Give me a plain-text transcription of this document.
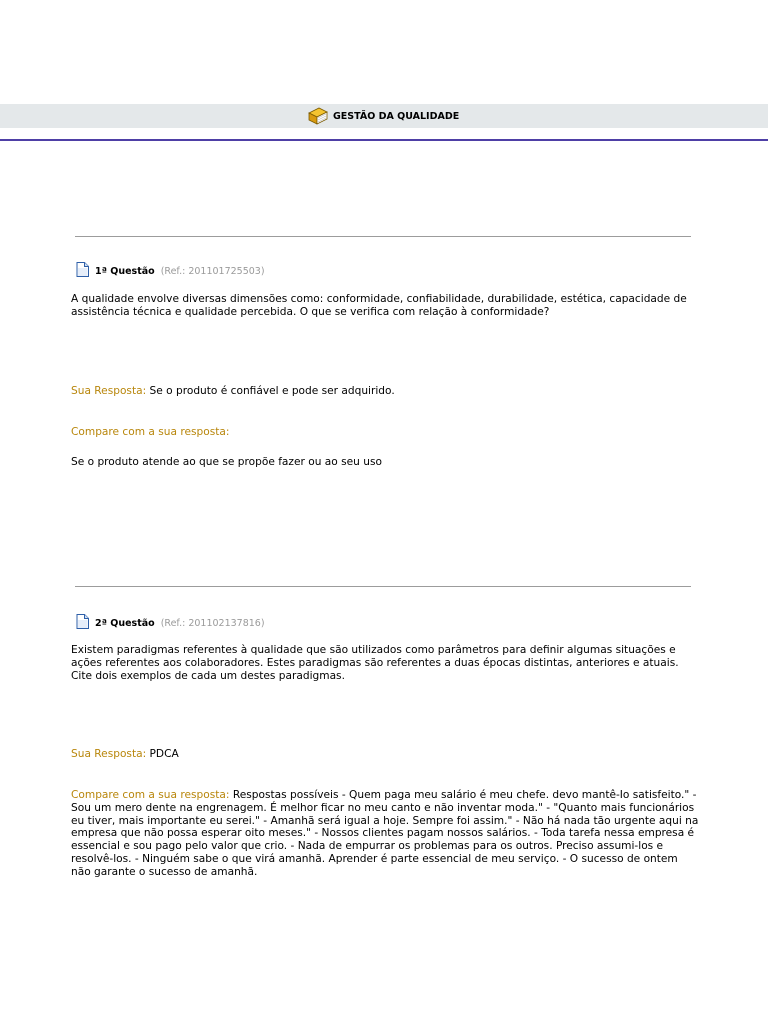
GESTÃO DA QUALIDADE
1ª Questão (Ref.: 201101725503)

A qualidade envolve diversas dimensões como: conformidade, confiabilidade, durabilidade, estética, capacidade de assistência técnica e qualidade percebida. O que se verifica com relação à conformidade?

Sua Resposta: Se o produto é confiável e pode ser adquirido.

Compare com a sua resposta:

Se o produto atende ao que se propõe fazer ou ao seu uso

2ª Questão (Ref.: 201102137816)

Existem paradigmas referentes à qualidade que são utilizados como parâmetros para definir algumas situações e ações referentes aos colaboradores. Estes paradigmas são referentes a duas épocas distintas, anteriores e atuais. Cite dois exemplos de cada um destes paradigmas.

Sua Resposta: PDCA

Compare com a sua resposta: Respostas possíveis - Quem paga meu salário é meu chefe. devo mantê-Io satisfeito." - Sou um mero dente na engrenagem. É melhor ficar no meu canto e não inventar moda." - "Quanto mais funcionários eu tiver, mais importante eu serei." - Amanhã será igual a hoje. Sempre foi assim." - Não há nada tão urgente aqui na empresa que não possa esperar oito meses." - Nossos clientes pagam nossos salários. - Toda tarefa nessa empresa é essencial e sou pago pelo valor que crio. - Nada de empurrar os problemas para os outros. Preciso assumi-los e resolvê-los. - Ninguém sabe o que virá amanhã. Aprender é parte essencial de meu serviço. - O sucesso de ontem não garante o sucesso de amanhã.
